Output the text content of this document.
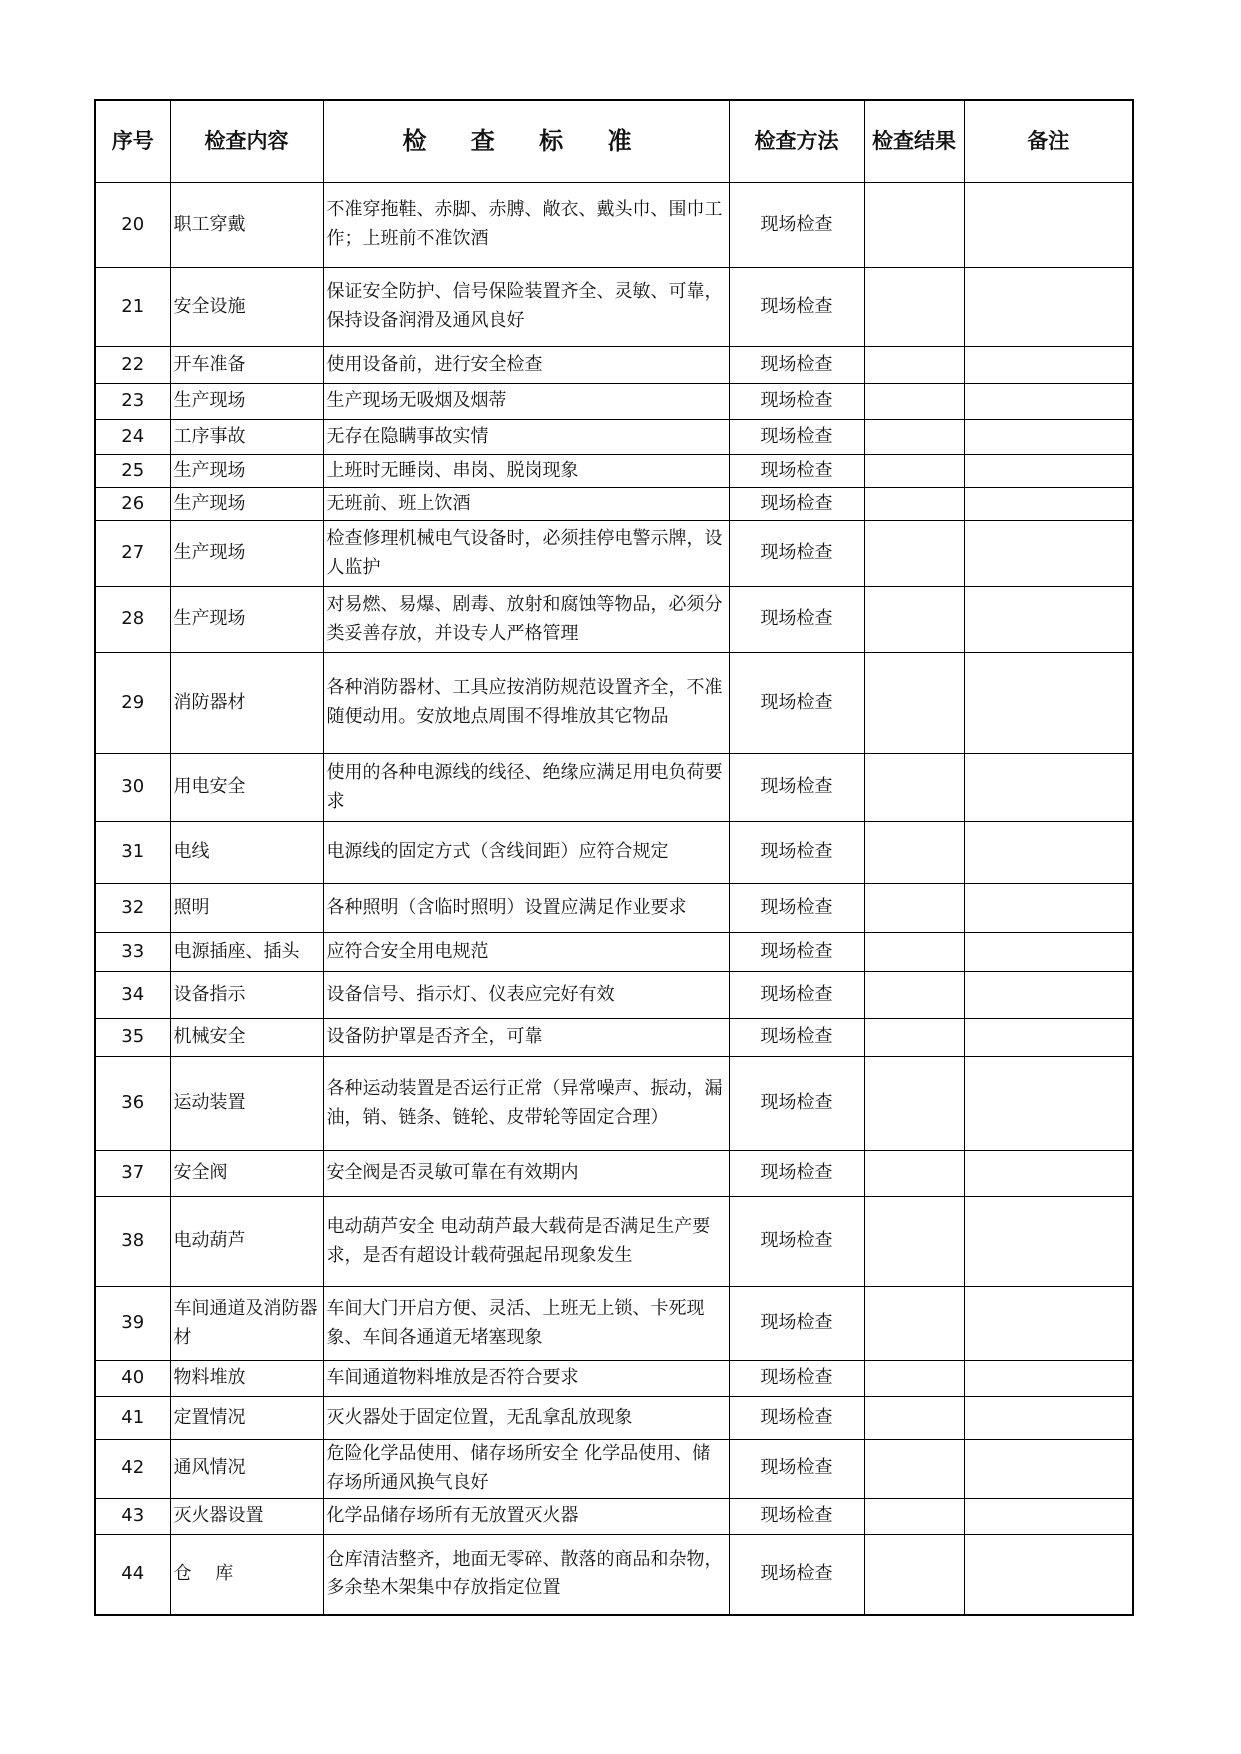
序号	检查内容	检 查 标 准	检查方法	检查结果	备注
20	职工穿戴	不准穿拖鞋、赤脚、赤膊、敞衣、戴头巾、围巾工作；上班前不准饮酒	现场检查		
21	安全设施	保证安全防护、信号保险装置齐全、灵敏、可靠，保持设备润滑及通风良好	现场检查		
22	开车准备	使用设备前，进行安全检查	现场检查		
23	生产现场	生产现场无吸烟及烟蒂	现场检查		
24	工序事故	无存在隐瞒事故实情	现场检查		
25	生产现场	上班时无睡岗、串岗、脱岗现象	现场检查		
26	生产现场	无班前、班上饮酒	现场检查		
27	生产现场	检查修理机械电气设备时，必须挂停电警示牌，设人监护	现场检查		
28	生产现场	对易燃、易爆、剧毒、放射和腐蚀等物品，必须分类妥善存放，并设专人严格管理	现场检查		
29	消防器材	各种消防器材、工具应按消防规范设置齐全，不准随便动用。安放地点周围不得堆放其它物品	现场检查		
30	用电安全	使用的各种电源线的线径、绝缘应满足用电负荷要求	现场检查		
31	电线	电源线的固定方式（含线间距）应符合规定	现场检查		
32	照明	各种照明（含临时照明）设置应满足作业要求	现场检查		
33	电源插座、插头	应符合安全用电规范	现场检查		
34	设备指示	设备信号、指示灯、仪表应完好有效	现场检查		
35	机械安全	设备防护罩是否齐全，可靠	现场检查		
36	运动装置	各种运动装置是否运行正常（异常噪声、振动，漏油，销、链条、链轮、皮带轮等固定合理）	现场检查		
37	安全阀	安全阀是否灵敏可靠在有效期内	现场检查		
38	电动葫芦	电动葫芦安全 电动葫芦最大载荷是否满足生产要求，是否有超设计载荷强起吊现象发生	现场检查		
39	车间通道及消防器材	车间大门开启方便、灵活、上班无上锁、卡死现象、车间各通道无堵塞现象	现场检查		
40	物料堆放	车间通道物料堆放是否符合要求	现场检查		
41	定置情况	灭火器处于固定位置，无乱拿乱放现象	现场检查		
42	通风情况	危险化学品使用、储存场所安全 化学品使用、储存场所通风换气良好	现场检查		
43	灭火器设置	化学品储存场所有无放置灭火器	现场检查		
44	仓　 库	仓库清洁整齐，地面无零碎、散落的商品和杂物，多余垫木架集中存放指定位置	现场检查		
